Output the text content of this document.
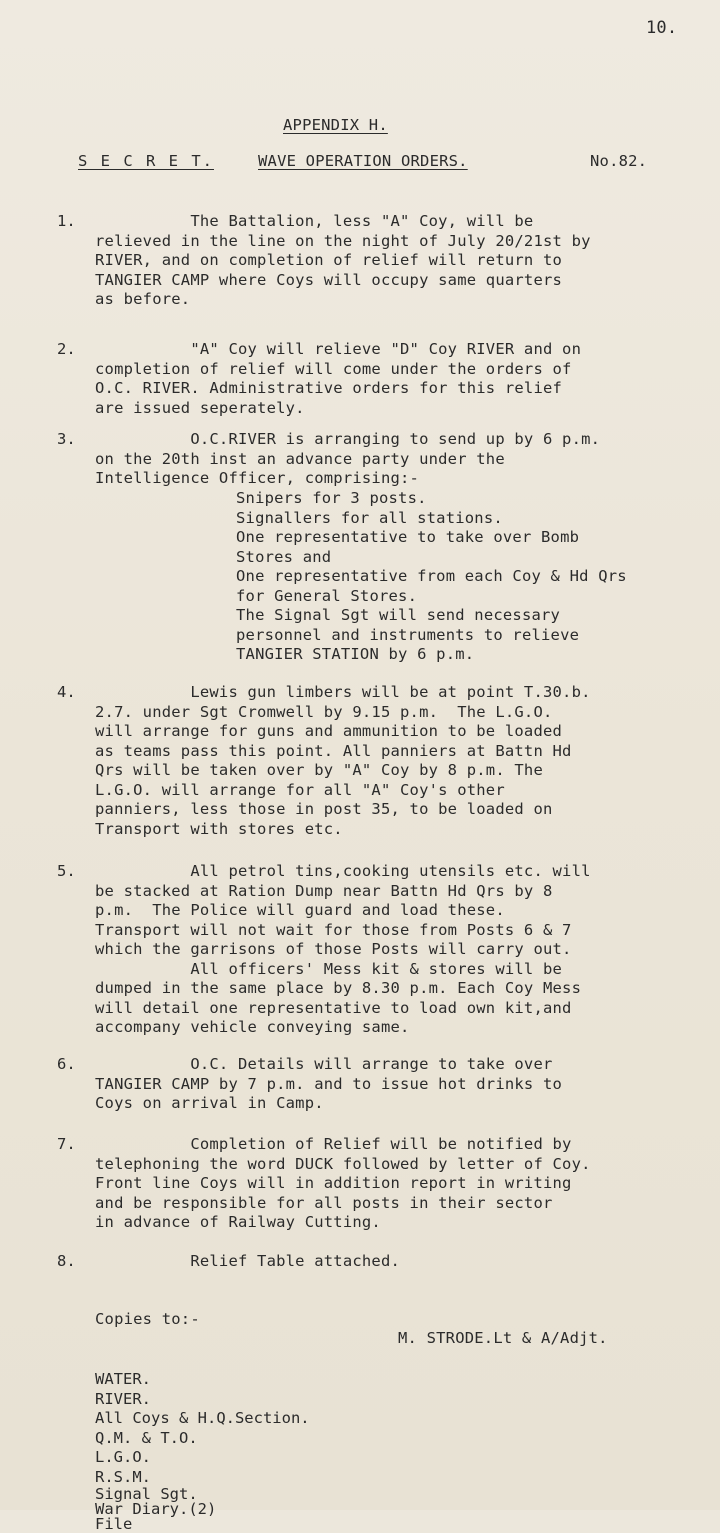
10.
APPENDIX H.
S E C R E T.	WAVE OPERATION ORDERS.	No.82.
1. The Battalion, less "A" Coy, will be
relieved in the line on the night of July 20/21st by
RIVER, and on completion of relief will return to
TANGIER CAMP where Coys will occupy same quarters
as before.
2. "A" Coy will relieve "D" Coy RIVER and on
completion of relief will come under the orders of
O.C. RIVER. Administrative orders for this relief
are issued seperately.
3. O.C.RIVER is arranging to send up by 6 p.m.
on the 20th inst an advance party under the
Intelligence Officer, comprising:-
Snipers for 3 posts.
Signallers for all stations.
One representative to take over Bomb
Stores and
One representative from each Coy & Hd Qrs
for General Stores.
The Signal Sgt will send necessary
personnel and instruments to relieve
TANGIER STATION by 6 p.m.
4. Lewis gun limbers will be at point T.30.b.
2.7. under Sgt Cromwell by 9.15 p.m.  The L.G.O.
will arrange for guns and ammunition to be loaded
as teams pass this point. All panniers at Battn Hd
Qrs will be taken over by "A" Coy by 8 p.m. The
L.G.O. will arrange for all "A" Coy's other
panniers, less those in post 35, to be loaded on
Transport with stores etc.
5. All petrol tins,cooking utensils etc. will
be stacked at Ration Dump near Battn Hd Qrs by 8
p.m.  The Police will guard and load these.
Transport will not wait for those from Posts 6 & 7
which the garrisons of those Posts will carry out.
All officers' Mess kit & stores will be
dumped in the same place by 8.30 p.m. Each Coy Mess
will detail one representative to load own kit,and
accompany vehicle conveying same.
6. O.C. Details will arrange to take over
TANGIER CAMP by 7 p.m. and to issue hot drinks to
Coys on arrival in Camp.
7. Completion of Relief will be notified by
telephoning the word DUCK followed by letter of Coy.
Front line Coys will in addition report in writing
and be responsible for all posts in their sector
in advance of Railway Cutting.
8. Relief Table attached.
Copies to:-
M. STRODE.Lt & A/Adjt.
WATER.
RIVER.
All Coys & H.Q.Section.
Q.M. & T.O.
L.G.O.
R.S.M.
Signal Sgt.
War Diary.(2)
File
